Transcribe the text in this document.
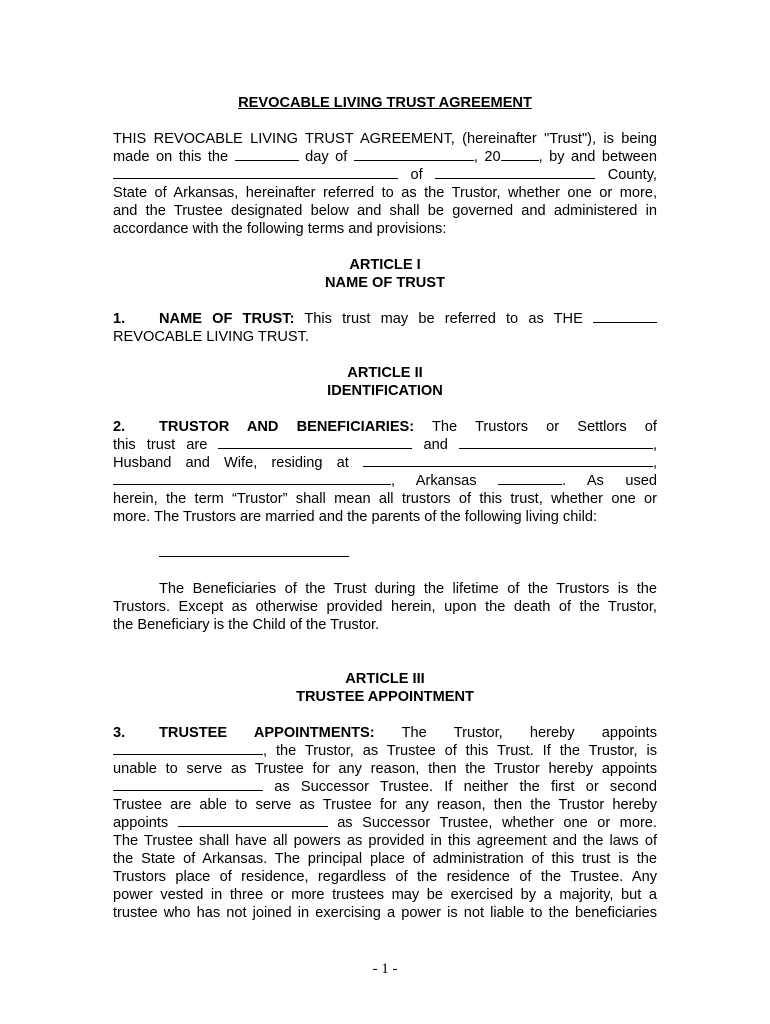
REVOCABLE LIVING TRUST AGREEMENT

THIS REVOCABLE LIVING TRUST AGREEMENT, (hereinafter "Trust"), is being

made on this the	day of	, 20	, by and between

of	County,

State of Arkansas, hereinafter referred to as the Trustor, whether one or more,

and the Trustee designated below and shall be governed and administered in

accordance with the following terms and provisions:

ARTICLE I

NAME OF TRUST

1. NAME OF TRUST: This trust may be referred to as THE

REVOCABLE LIVING TRUST.

ARTICLE II

IDENTIFICATION

2. TRUSTOR AND BENEFICIARIES: The Trustors or Settlors of

this trust are	and	,

Husband and Wife, residing at	,

, Arkansas	. As used

herein, the term “Trustor” shall mean all trustors of this trust, whether one or

more. The Trustors are married and the parents of the following living child:

The Beneficiaries of the Trust during the lifetime of the Trustors is the

Trustors. Except as otherwise provided herein, upon the death of the Trustor,

the Beneficiary is the Child of the Trustor.

ARTICLE III

TRUSTEE APPOINTMENT

3. TRUSTEE APPOINTMENTS: The Trustor, hereby appoints

, the Trustor, as Trustee of this Trust. If the Trustor, is

unable to serve as Trustee for any reason, then the Trustor hereby appoints

as Successor Trustee. If neither the first or second

Trustee are able to serve as Trustee for any reason, then the Trustor hereby

appoints	as Successor Trustee, whether one or more.

The Trustee shall have all powers as provided in this agreement and the laws of

the State of Arkansas. The principal place of administration of this trust is the

Trustors place of residence, regardless of the residence of the Trustee. Any

power vested in three or more trustees may be exercised by a majority, but a

trustee who has not joined in exercising a power is not liable to the beneficiaries

- 1 -
